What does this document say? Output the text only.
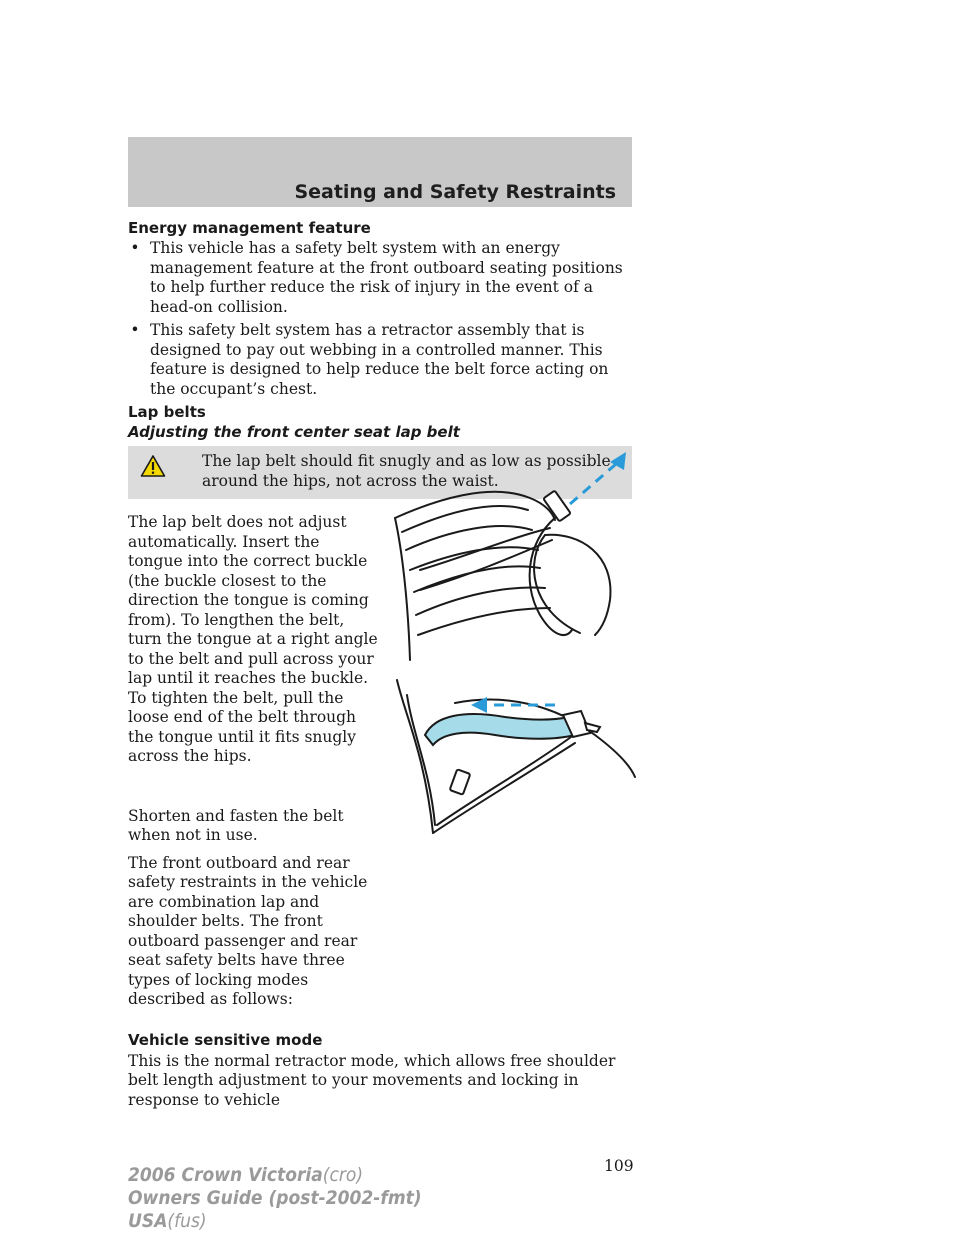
Seating and Safety Restraints

Energy management feature

• This vehicle has a safety belt system with an energy management feature at the front outboard seating positions to help further reduce the risk of injury in the event of a head-on collision.
• This safety belt system has a retractor assembly that is designed to pay out webbing in a controlled manner. This feature is designed to help reduce the belt force acting on the occupant’s chest.

Lap belts

Adjusting the front center seat lap belt

The lap belt should fit snugly and as low as possible around the hips, not across the waist.

The lap belt does not adjust automatically. Insert the tongue into the correct buckle (the buckle closest to the direction the tongue is coming from). To lengthen the belt, turn the tongue at a right angle to the belt and pull across your lap until it reaches the buckle. To tighten the belt, pull the loose end of the belt through the tongue until it fits snugly across the hips.

Shorten and fasten the belt when not in use.

The front outboard and rear safety restraints in the vehicle are combination lap and shoulder belts. The front outboard passenger and rear seat safety belts have three types of locking modes described as follows:

Vehicle sensitive mode

This is the normal retractor mode, which allows free shoulder belt length adjustment to your movements and locking in response to vehicle

109
2006 Crown Victoria(cro)
Owners Guide (post-2002-fmt)
USA(fus)
